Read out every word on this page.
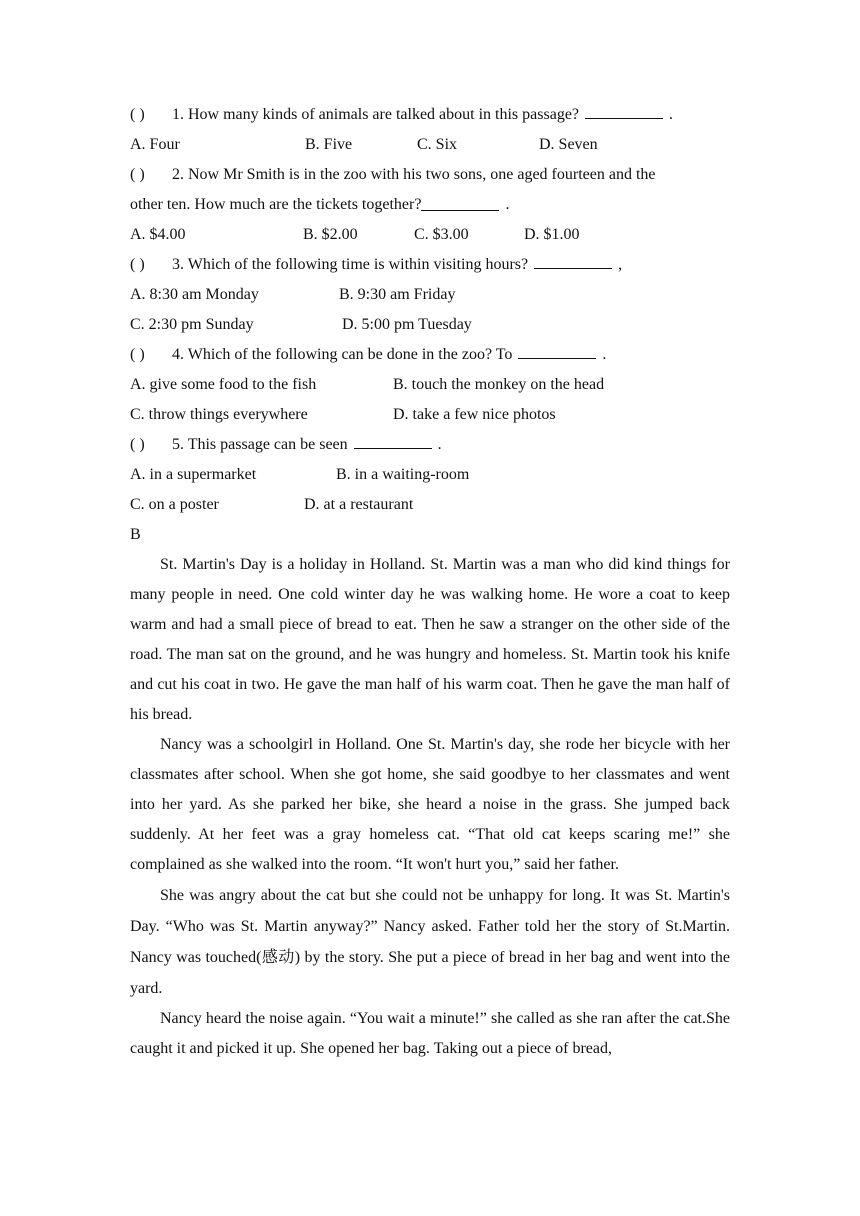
( )	1. How many kinds of animals are talked about in this passage?	.
A. Four	B. Five	C. Six	D. Seven
( )	2. Now Mr Smith is in the zoo with his two sons, one aged fourteen and the
other ten. How much are the tickets together?	.
A. $4.00	B. $2.00	C. $3.00	D. $1.00
( )	3. Which of the following time is within visiting hours?	,
A. 8:30 am Monday	B. 9:30 am Friday
C. 2:30 pm Sunday	D. 5:00 pm Tuesday
( )	4. Which of the following can be done in the zoo? To	.
A. give some food to the fish	B. touch the monkey on the head
C. throw things everywhere	D. take a few nice photos
( )	5. This passage can be seen	.
A. in a supermarket	B. in a waiting-room
C. on a poster	D. at a restaurant
B

St. Martin's Day is a holiday in Holland. St. Martin was a man who did kind things for many people in need. One cold winter day he was walking home. He wore a coat to keep warm and had a small piece of bread to eat. Then he saw a stranger on the other side of the road. The man sat on the ground, and he was hungry and homeless. St. Martin took his knife and cut his coat in two. He gave the man half of his warm coat. Then he gave the man half of his bread.

Nancy was a schoolgirl in Holland. One St. Martin's day, she rode her bicycle with her classmates after school. When she got home, she said goodbye to her classmates and went into her yard. As she parked her bike, she heard a noise in the grass. She jumped back suddenly. At her feet was a gray homeless cat. “That old cat keeps scaring me!” she complained as she walked into the room. “It won't hurt you,” said her father.

She was angry about the cat but she could not be unhappy for long. It was St. Martin's Day. “Who was St. Martin anyway?” Nancy asked. Father told her the story of St.Martin. Nancy was touched(感动) by the story. She put a piece of bread in her bag and went into the yard.

Nancy heard the noise again. “You wait a minute!” she called as she ran after the cat.She caught it and picked it up. She opened her bag. Taking out a piece of bread,
